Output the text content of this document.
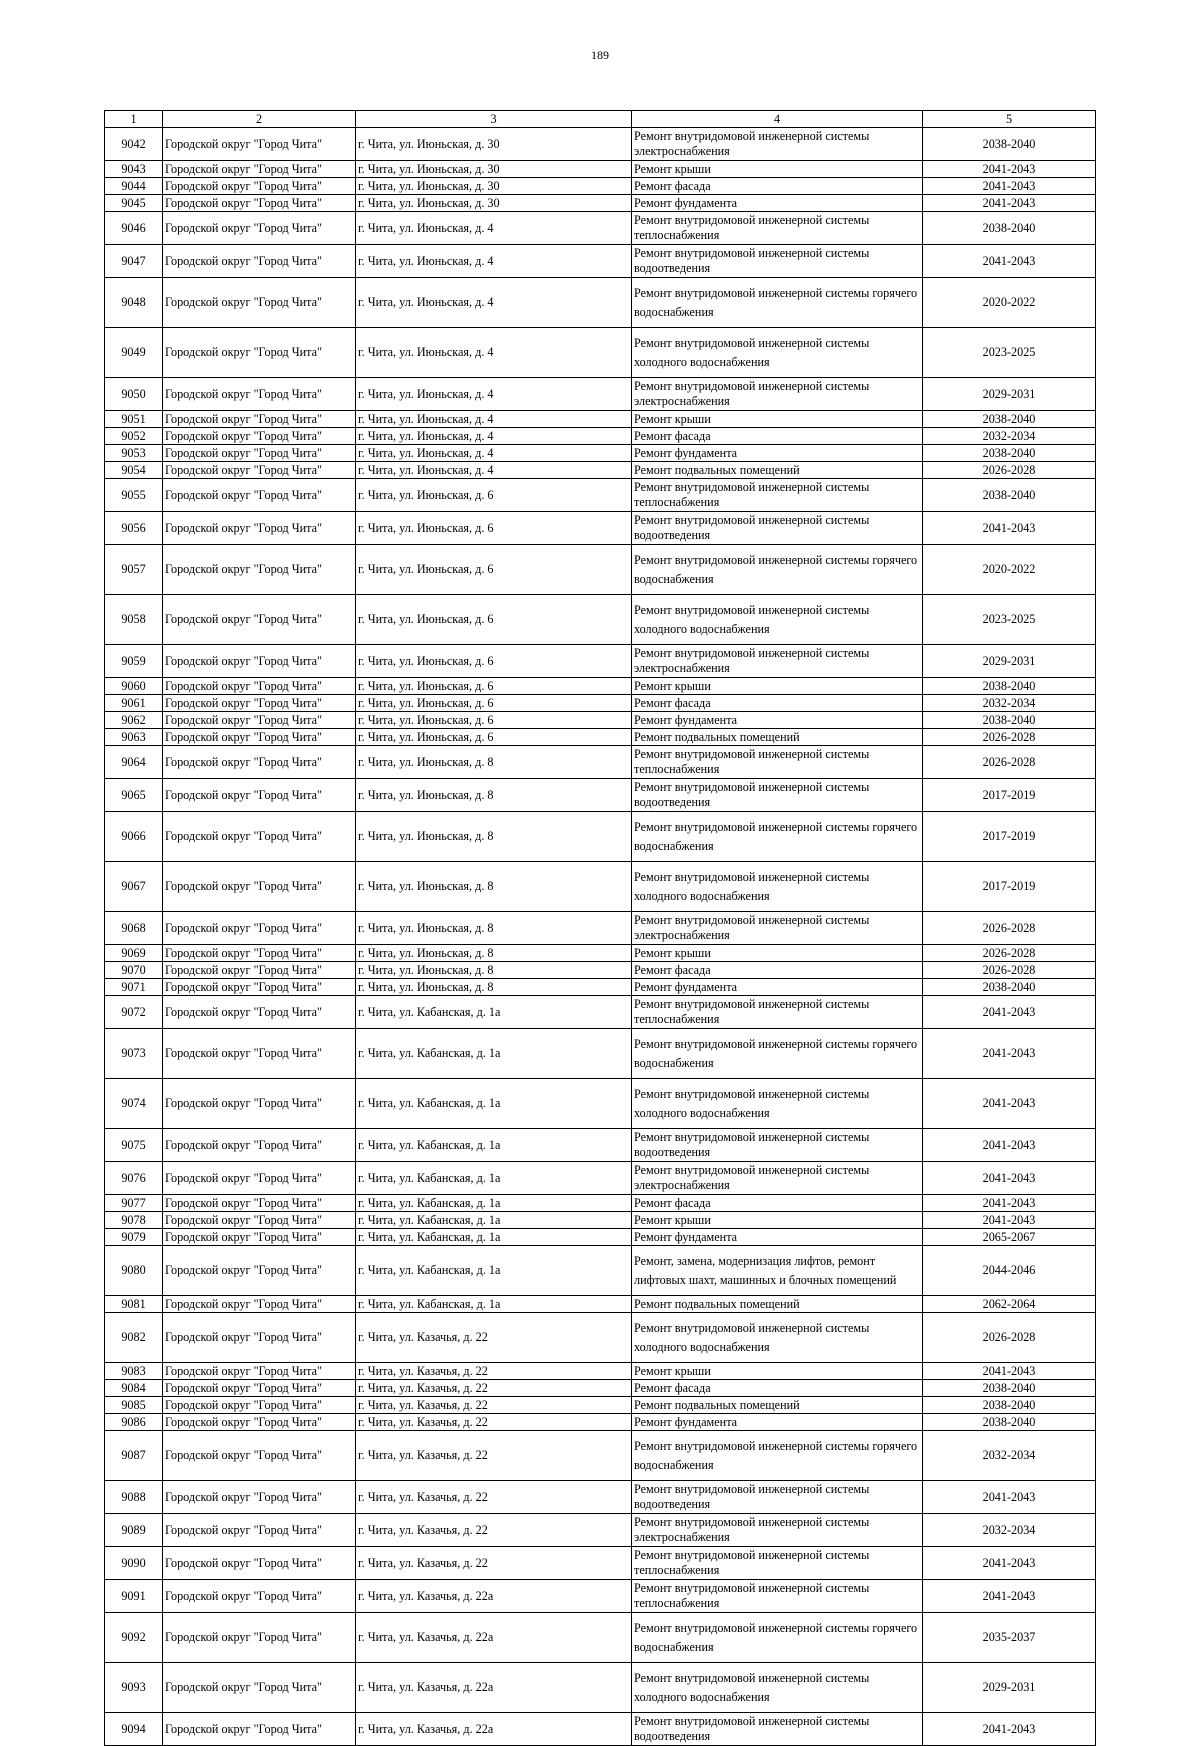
189
1	2	3	4	5
9042	Городской округ "Город Чита"	г. Чита, ул. Июньская, д. 30	Ремонт внутридомовой инженерной системы электроснабжения	2038-2040
9043	Городской округ "Город Чита"	г. Чита, ул. Июньская, д. 30	Ремонт крыши	2041-2043
9044	Городской округ "Город Чита"	г. Чита, ул. Июньская, д. 30	Ремонт фасада	2041-2043
9045	Городской округ "Город Чита"	г. Чита, ул. Июньская, д. 30	Ремонт фундамента	2041-2043
9046	Городской округ "Город Чита"	г. Чита, ул. Июньская, д. 4	Ремонт внутридомовой инженерной системы теплоснабжения	2038-2040
9047	Городской округ "Город Чита"	г. Чита, ул. Июньская, д. 4	Ремонт внутридомовой инженерной системы водоотведения	2041-2043
9048	Городской округ "Город Чита"	г. Чита, ул. Июньская, д. 4	Ремонт внутридомовой инженерной системы горячего водоснабжения	2020-2022
9049	Городской округ "Город Чита"	г. Чита, ул. Июньская, д. 4	Ремонт внутридомовой инженерной системы холодного водоснабжения	2023-2025
9050	Городской округ "Город Чита"	г. Чита, ул. Июньская, д. 4	Ремонт внутридомовой инженерной системы электроснабжения	2029-2031
9051	Городской округ "Город Чита"	г. Чита, ул. Июньская, д. 4	Ремонт крыши	2038-2040
9052	Городской округ "Город Чита"	г. Чита, ул. Июньская, д. 4	Ремонт фасада	2032-2034
9053	Городской округ "Город Чита"	г. Чита, ул. Июньская, д. 4	Ремонт фундамента	2038-2040
9054	Городской округ "Город Чита"	г. Чита, ул. Июньская, д. 4	Ремонт подвальных помещений	2026-2028
9055	Городской округ "Город Чита"	г. Чита, ул. Июньская, д. 6	Ремонт внутридомовой инженерной системы теплоснабжения	2038-2040
9056	Городской округ "Город Чита"	г. Чита, ул. Июньская, д. 6	Ремонт внутридомовой инженерной системы водоотведения	2041-2043
9057	Городской округ "Город Чита"	г. Чита, ул. Июньская, д. 6	Ремонт внутридомовой инженерной системы горячего водоснабжения	2020-2022
9058	Городской округ "Город Чита"	г. Чита, ул. Июньская, д. 6	Ремонт внутридомовой инженерной системы холодного водоснабжения	2023-2025
9059	Городской округ "Город Чита"	г. Чита, ул. Июньская, д. 6	Ремонт внутридомовой инженерной системы электроснабжения	2029-2031
9060	Городской округ "Город Чита"	г. Чита, ул. Июньская, д. 6	Ремонт крыши	2038-2040
9061	Городской округ "Город Чита"	г. Чита, ул. Июньская, д. 6	Ремонт фасада	2032-2034
9062	Городской округ "Город Чита"	г. Чита, ул. Июньская, д. 6	Ремонт фундамента	2038-2040
9063	Городской округ "Город Чита"	г. Чита, ул. Июньская, д. 6	Ремонт подвальных помещений	2026-2028
9064	Городской округ "Город Чита"	г. Чита, ул. Июньская, д. 8	Ремонт внутридомовой инженерной системы теплоснабжения	2026-2028
9065	Городской округ "Город Чита"	г. Чита, ул. Июньская, д. 8	Ремонт внутридомовой инженерной системы водоотведения	2017-2019
9066	Городской округ "Город Чита"	г. Чита, ул. Июньская, д. 8	Ремонт внутридомовой инженерной системы горячего водоснабжения	2017-2019
9067	Городской округ "Город Чита"	г. Чита, ул. Июньская, д. 8	Ремонт внутридомовой инженерной системы холодного водоснабжения	2017-2019
9068	Городской округ "Город Чита"	г. Чита, ул. Июньская, д. 8	Ремонт внутридомовой инженерной системы электроснабжения	2026-2028
9069	Городской округ "Город Чита"	г. Чита, ул. Июньская, д. 8	Ремонт крыши	2026-2028
9070	Городской округ "Город Чита"	г. Чита, ул. Июньская, д. 8	Ремонт фасада	2026-2028
9071	Городской округ "Город Чита"	г. Чита, ул. Июньская, д. 8	Ремонт фундамента	2038-2040
9072	Городской округ "Город Чита"	г. Чита, ул. Кабанская, д. 1а	Ремонт внутридомовой инженерной системы теплоснабжения	2041-2043
9073	Городской округ "Город Чита"	г. Чита, ул. Кабанская, д. 1а	Ремонт внутридомовой инженерной системы горячего водоснабжения	2041-2043
9074	Городской округ "Город Чита"	г. Чита, ул. Кабанская, д. 1а	Ремонт внутридомовой инженерной системы холодного водоснабжения	2041-2043
9075	Городской округ "Город Чита"	г. Чита, ул. Кабанская, д. 1а	Ремонт внутридомовой инженерной системы водоотведения	2041-2043
9076	Городской округ "Город Чита"	г. Чита, ул. Кабанская, д. 1а	Ремонт внутридомовой инженерной системы электроснабжения	2041-2043
9077	Городской округ "Город Чита"	г. Чита, ул. Кабанская, д. 1а	Ремонт фасада	2041-2043
9078	Городской округ "Город Чита"	г. Чита, ул. Кабанская, д. 1а	Ремонт крыши	2041-2043
9079	Городской округ "Город Чита"	г. Чита, ул. Кабанская, д. 1а	Ремонт фундамента	2065-2067
9080	Городской округ "Город Чита"	г. Чита, ул. Кабанская, д. 1а	Ремонт, замена, модернизация лифтов, ремонт лифтовых шахт, машинных и блочных помещений	2044-2046
9081	Городской округ "Город Чита"	г. Чита, ул. Кабанская, д. 1а	Ремонт подвальных помещений	2062-2064
9082	Городской округ "Город Чита"	г. Чита, ул. Казачья, д. 22	Ремонт внутридомовой инженерной системы холодного водоснабжения	2026-2028
9083	Городской округ "Город Чита"	г. Чита, ул. Казачья, д. 22	Ремонт крыши	2041-2043
9084	Городской округ "Город Чита"	г. Чита, ул. Казачья, д. 22	Ремонт фасада	2038-2040
9085	Городской округ "Город Чита"	г. Чита, ул. Казачья, д. 22	Ремонт подвальных помещений	2038-2040
9086	Городской округ "Город Чита"	г. Чита, ул. Казачья, д. 22	Ремонт фундамента	2038-2040
9087	Городской округ "Город Чита"	г. Чита, ул. Казачья, д. 22	Ремонт внутридомовой инженерной системы горячего водоснабжения	2032-2034
9088	Городской округ "Город Чита"	г. Чита, ул. Казачья, д. 22	Ремонт внутридомовой инженерной системы водоотведения	2041-2043
9089	Городской округ "Город Чита"	г. Чита, ул. Казачья, д. 22	Ремонт внутридомовой инженерной системы электроснабжения	2032-2034
9090	Городской округ "Город Чита"	г. Чита, ул. Казачья, д. 22	Ремонт внутридомовой инженерной системы теплоснабжения	2041-2043
9091	Городской округ "Город Чита"	г. Чита, ул. Казачья, д. 22а	Ремонт внутридомовой инженерной системы теплоснабжения	2041-2043
9092	Городской округ "Город Чита"	г. Чита, ул. Казачья, д. 22а	Ремонт внутридомовой инженерной системы горячего водоснабжения	2035-2037
9093	Городской округ "Город Чита"	г. Чита, ул. Казачья, д. 22а	Ремонт внутридомовой инженерной системы холодного водоснабжения	2029-2031
9094	Городской округ "Город Чита"	г. Чита, ул. Казачья, д. 22а	Ремонт внутридомовой инженерной системы водоотведения	2041-2043
